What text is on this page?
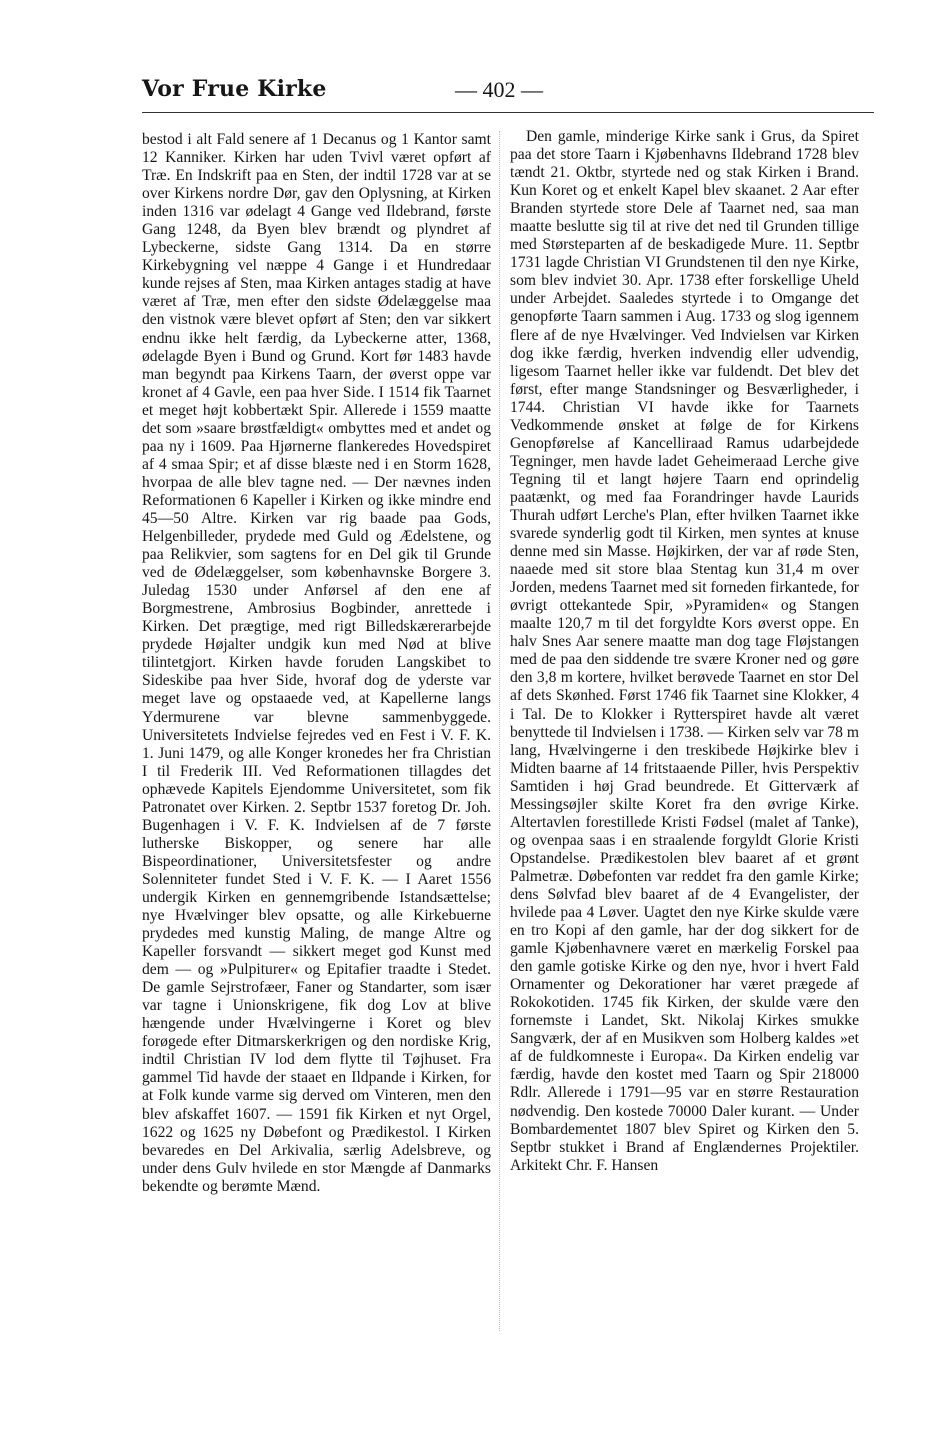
Vor Frue Kirke	— 402 —

bestod i alt Fald senere af 1 Decanus og 1 Kantor samt 12 Kanniker. Kirken har uden Tvivl været opført af Træ. En Indskrift paa en Sten, der indtil 1728 var at se over Kirkens nordre Dør, gav den Oplysning, at Kirken inden 1316 var ødelagt 4 Gange ved Ildebrand, første Gang 1248, da Byen blev brændt og plyndret af Lybeckerne, sidste Gang 1314. Da en større Kirkebygning vel næppe 4 Gange i et Hundredaar kunde rejses af Sten, maa Kirken antages stadig at have været af Træ, men efter den sidste Ødelæggelse maa den vistnok være blevet opført af Sten; den var sikkert endnu ikke helt færdig, da Lybeckerne atter, 1368, ødelagde Byen i Bund og Grund. Kort før 1483 havde man begyndt paa Kirkens Taarn, der øverst oppe var kronet af 4 Gavle, een paa hver Side. I 1514 fik Taarnet et meget højt kobbertækt Spir. Allerede i 1559 maatte det som »saare brøstfældigt« ombyttes med et andet og paa ny i 1609. Paa Hjørnerne flankeredes Hovedspiret af 4 smaa Spir; et af disse blæste ned i en Storm 1628, hvorpaa de alle blev tagne ned. — Der nævnes inden Reformationen 6 Kapeller i Kirken og ikke mindre end 45—50 Altre. Kirken var rig baade paa Gods, Helgenbilleder, prydede med Guld og Ædelstene, og paa Relikvier, som sagtens for en Del gik til Grunde ved de Ødelæggelser, som københavnske Borgere 3. Juledag 1530 under Anførsel af den ene af Borgmestrene, Ambrosius Bogbinder, anrettede i Kirken. Det prægtige, med rigt Billedskærerarbejde prydede Højalter undgik kun med Nød at blive tilintetgjort. Kirken havde foruden Langskibet to Sideskibe paa hver Side, hvoraf dog de yderste var meget lave og opstaaede ved, at Kapellerne langs Ydermurene var blevne sammenbyggede. Universitetets Indvielse fejredes ved en Fest i V. F. K. 1. Juni 1479, og alle Konger kronedes her fra Christian I til Frederik III. Ved Reformationen tillagdes det ophævede Kapitels Ejendomme Universitetet, som fik Patronatet over Kirken. 2. Septbr 1537 foretog Dr. Joh. Bugenhagen i V. F. K. Indvielsen af de 7 første lutherske Biskopper, og senere har alle Bispeordinationer, Universitetsfester og andre Solenniteter fundet Sted i V. F. K. — I Aaret 1556 undergik Kirken en gennemgribende Istandsættelse; nye Hvælvinger blev opsatte, og alle Kirkebuerne prydedes med kunstig Maling, de mange Altre og Kapeller forsvandt — sikkert meget god Kunst med dem — og »Pulpiturer« og Epitafier traadte i Stedet. De gamle Sejrstrofæer, Faner og Standarter, som især var tagne i Unionskrigene, fik dog Lov at blive hængende under Hvælvingerne i Koret og blev forøgede efter Ditmarskerkrigen og den nordiske Krig, indtil Christian IV lod dem flytte til Tøjhuset. Fra gammel Tid havde der staaet en Ildpande i Kirken, for at Folk kunde varme sig derved om Vinteren, men den blev afskaffet 1607. — 1591 fik Kirken et nyt Orgel, 1622 og 1625 ny Døbefont og Prædikestol. I Kirken bevaredes en Del Arkivalia, særlig Adelsbreve, og under dens Gulv hvilede en stor Mængde af Danmarks bekendte og berømte Mænd.

Den gamle, minderige Kirke sank i Grus, da Spiret paa det store Taarn i Kjøbenhavns Ildebrand 1728 blev tændt 21. Oktbr, styrtede ned og stak Kirken i Brand. Kun Koret og et enkelt Kapel blev skaanet. 2 Aar efter Branden styrtede store Dele af Taarnet ned, saa man maatte beslutte sig til at rive det ned til Grunden tillige med Størsteparten af de beskadigede Mure. 11. Septbr 1731 lagde Christian VI Grundstenen til den nye Kirke, som blev indviet 30. Apr. 1738 efter forskellige Uheld under Arbejdet. Saaledes styrtede i to Omgange det genopførte Taarn sammen i Aug. 1733 og slog igennem flere af de nye Hvælvinger. Ved Indvielsen var Kirken dog ikke færdig, hverken indvendig eller udvendig, ligesom Taarnet heller ikke var fuldendt. Det blev det først, efter mange Standsninger og Besværligheder, i 1744. Christian VI havde ikke for Taarnets Vedkommende ønsket at følge de for Kirkens Genopførelse af Kancelliraad Ramus udarbejdede Tegninger, men havde ladet Geheimeraad Lerche give Tegning til et langt højere Taarn end oprindelig paatænkt, og med faa Forandringer havde Laurids Thurah udført Lerche's Plan, efter hvilken Taarnet ikke svarede synderlig godt til Kirken, men syntes at knuse denne med sin Masse. Højkirken, der var af røde Sten, naaede med sit store blaa Stentag kun 31,4 m over Jorden, medens Taarnet med sit forneden firkantede, for øvrigt ottekantede Spir, »Pyramiden« og Stangen maalte 120,7 m til det forgyldte Kors øverst oppe. En halv Snes Aar senere maatte man dog tage Fløjstangen med de paa den siddende tre svære Kroner ned og gøre den 3,8 m kortere, hvilket berøvede Taarnet en stor Del af dets Skønhed. Først 1746 fik Taarnet sine Klokker, 4 i Tal. De to Klokker i Rytterspiret havde alt været benyttede til Indvielsen i 1738. — Kirken selv var 78 m lang, Hvælvingerne i den treskibede Højkirke blev i Midten baarne af 14 fritstaaende Piller, hvis Perspektiv Samtiden i høj Grad beundrede. Et Gitterværk af Messingsøjler skilte Koret fra den øvrige Kirke. Altertavlen forestillede Kristi Fødsel (malet af Tanke), og ovenpaa saas i en straalende forgyldt Glorie Kristi Opstandelse. Prædikestolen blev baaret af et grønt Palmetræ. Døbefonten var reddet fra den gamle Kirke; dens Sølvfad blev baaret af de 4 Evangelister, der hvilede paa 4 Løver. Uagtet den nye Kirke skulde være en tro Kopi af den gamle, har der dog sikkert for de gamle Kjøbenhavnere været en mærkelig Forskel paa den gamle gotiske Kirke og den nye, hvor i hvert Fald Ornamenter og Dekorationer har været prægede af Rokokotiden. 1745 fik Kirken, der skulde være den fornemste i Landet, Skt. Nikolaj Kirkes smukke Sangværk, der af en Musikven som Holberg kaldes »et af de fuldkomneste i Europa«. Da Kirken endelig var færdig, havde den kostet med Taarn og Spir 218000 Rdlr. Allerede i 1791—95 var en større Restauration nødvendig. Den kostede 70000 Daler kurant. — Under Bombardementet 1807 blev Spiret og Kirken den 5. Septbr stukket i Brand af Englændernes Projektiler. Arkitekt Chr. F. Hansen
